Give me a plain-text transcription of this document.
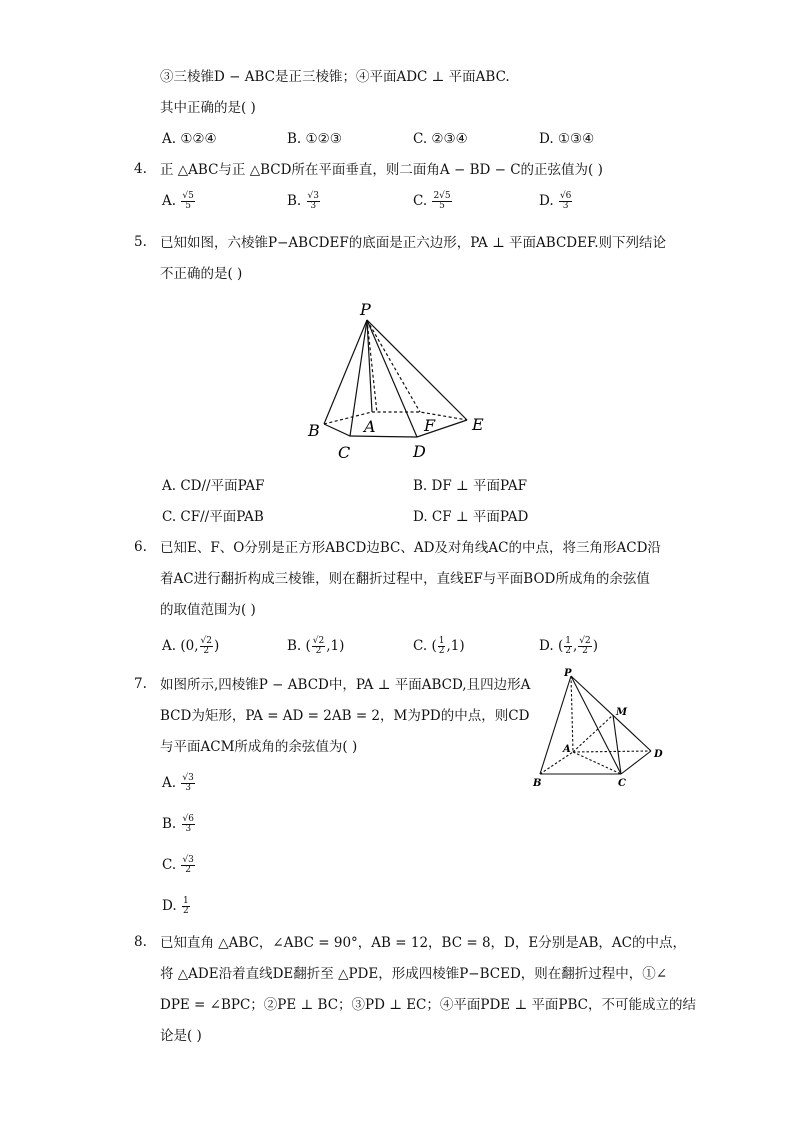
③三棱锥D − ABC是正三棱锥；④平面ADC ⊥ 平面ABC.
其中正确的是( )
A. ①②④	B. ①②③	C. ②③④	D. ①③④
4. 正 △ABC与正 △BCD所在平面垂直，则二面角A − BD − C的正弦值为( )
A. $\frac{√5}{5}$	B. $\frac{√3}{3}$	C. $\frac{2√5}{5}$	D. $\frac{√6}{3}$
5. 已知如图，六棱锥P−ABCDEF的底面是正六边形，PA ⊥ 平面ABCDEF.则下列结论
不正确的是( )
P
B	A	F E
C	D
A. CD//平面PAF	B. DF ⊥ 平面PAF
C. CF//平面PAB	D. CF ⊥ 平面PAD
6. 已知E、F、O分别是正方形ABCD边BC、AD及对角线AC的中点，将三角形ACD沿
着AC进行翻折构成三棱锥，则在翻折过程中，直线EF与平面BOD所成角的余弦值
的取值范围为( )
A. (0, $\frac{√2}{2}$ )	B. ( $\frac{√2}{2} ,1$)	C. ( $\frac{1}{2} ,1$)	D. ( $\frac{1}{2}$ , $\frac{√2}{2}$ )
7. 如图所示,四棱锥P − ABCD中，PA ⊥ 平面ABCD,且四边形A
BCD为矩形，PA = AD = 2AB = 2，M为PD的中点，则CD
与平面ACM所成角的余弦值为( )
P
M
A	D
B	C
A. $\frac{√3}{3}$
B. $\frac{√6}{3}$
C. $\frac{√3}{2}$
D. $\frac{1}{2}$
8. 已知直角 △ABC，∠ABC = 90°，AB = 12，BC = 8，D，E分别是AB，AC的中点，
将 △ADE沿着直线DE翻折至 △PDE，形成四棱锥P−BCED，则在翻折过程中，①∠
DPE = ∠BPC；②PE ⊥ BC；③PD ⊥ EC；④平面PDE ⊥ 平面PBC，不可能成立的结
论是( )
